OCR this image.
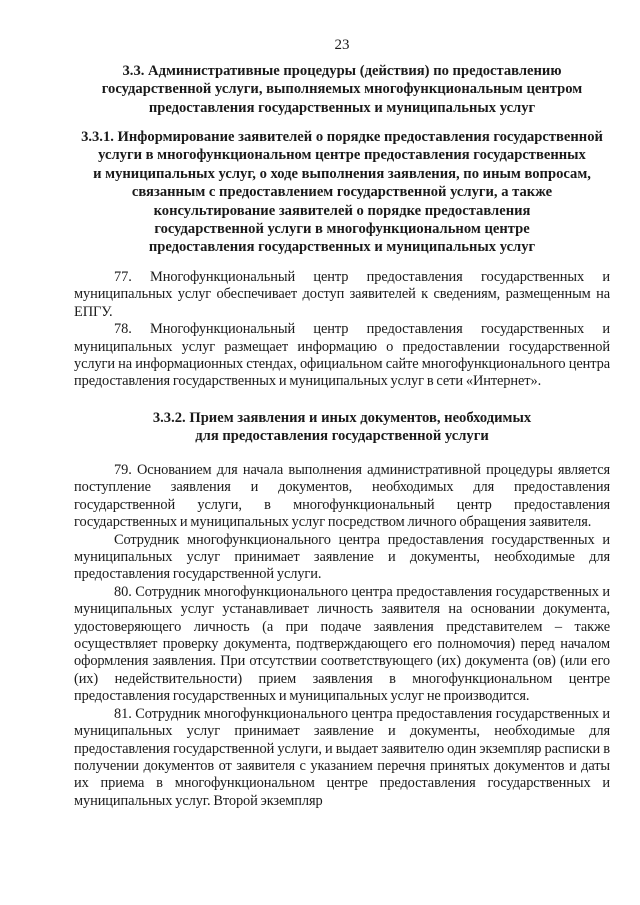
23
3.3. Административные процедуры (действия) по предоставлению
государственной услуги, выполняемых многофункциональным центром
предоставления государственных и муниципальных услуг
3.3.1. Информирование заявителей о порядке предоставления государственной
услуги в многофункциональном центре предоставления государственных
и муниципальных услуг, о ходе выполнения заявления, по иным вопросам,
связанным с предоставлением государственной услуги, а также
консультирование заявителей о порядке предоставления
государственной услуги в многофункциональном центре
предоставления государственных и муниципальных услуг

77. Многофункциональный центр предоставления государственных и муниципальных услуг обеспечивает доступ заявителей к сведениям, размещенным на ЕПГУ.

78. Многофункциональный центр предоставления государственных и муниципальных услуг размещает информацию о предоставлении государственной услуги на информационных стендах, официальном сайте многофункционального центра предоставления государственных и муниципальных услуг в сети «Интернет».

3.3.2. Прием заявления и иных документов, необходимых
для предоставления государственной услуги

79. Основанием для начала выполнения административной процедуры является поступление заявления и документов, необходимых для предоставления государственной услуги, в многофункциональный центр предоставления государственных и муниципальных услуг посредством личного обращения заявителя.

Сотрудник многофункционального центра предоставления государственных и муниципальных услуг принимает заявление и документы, необходимые для предоставления государственной услуги.

80. Сотрудник многофункционального центра предоставления государственных и муниципальных услуг устанавливает личность заявителя на основании документа, удостоверяющего личность (а при подаче заявления представителем – также осуществляет проверку документа, подтверждающего его полномочия) перед началом оформления заявления. При отсутствии соответствующего (их) документа (ов) (или его (их) недействительности) прием заявления в многофункциональном центре предоставления государственных и муниципальных услуг не производится.

81. Сотрудник многофункционального центра предоставления государственных и муниципальных услуг принимает заявление и документы, необходимые для предоставления государственной услуги, и выдает заявителю один экземпляр расписки в получении документов от заявителя с указанием перечня принятых документов и даты их приема в многофункциональном центре предоставления государственных и муниципальных услуг. Второй экземпляр
